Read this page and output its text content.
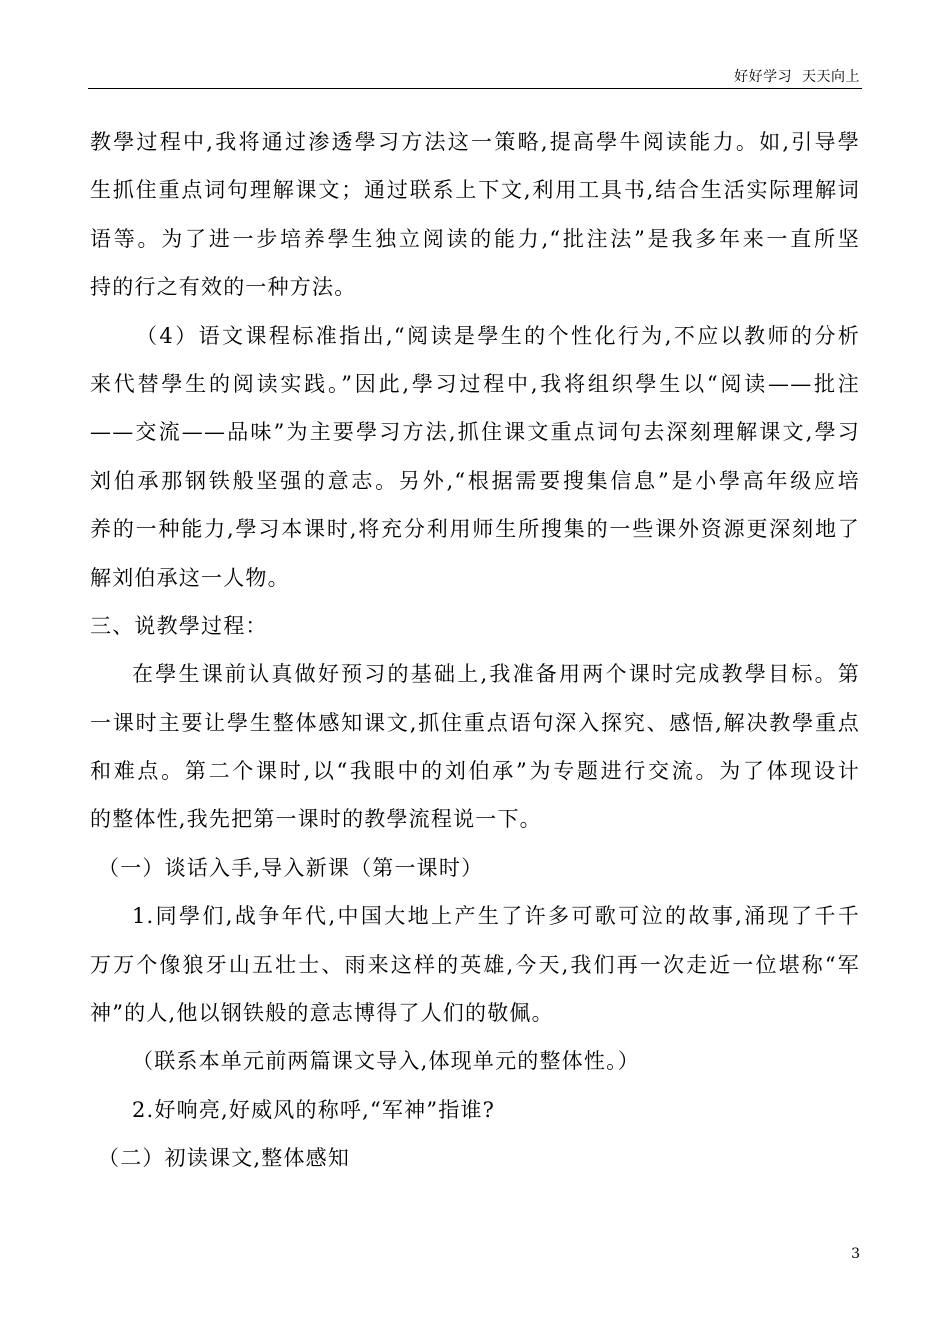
好好学习  天天向上
教學过程中,我将通过渗透學习方法这一策略,提高學牛阅读能力。如,引导學
生抓住重点词句理解课文；通过联系上下文,利用工具书,结合生活实际理解词
语等。为了进一步培养學生独立阅读的能力,“批注法”是我多年来一直所坚
持的行之有效的一种方法。
（4）语文课程标准指出,“阅读是學生的个性化行为,不应以教师的分析
来代替學生的阅读实践。”因此,學习过程中,我将组织學生以“阅读——批注
——交流——品味”为主要學习方法,抓住课文重点词句去深刻理解课文,學习
刘伯承那钢铁般坚强的意志。另外,“根据需要搜集信息”是小學高年级应培
养的一种能力,學习本课时,将充分利用师生所搜集的一些课外资源更深刻地了
解刘伯承这一人物。
三、说教學过程：
在學生课前认真做好预习的基础上,我准备用两个课时完成教學目标。第
一课时主要让學生整体感知课文,抓住重点语句深入探究、感悟,解决教學重点
和难点。第二个课时,以“我眼中的刘伯承”为专题进行交流。为了体现设计
的整体性,我先把第一课时的教學流程说一下。
（一）谈话入手,导入新课（第一课时）
1.同學们,战争年代,中国大地上产生了许多可歌可泣的故事,涌现了千千
万万个像狼牙山五壮士、雨来这样的英雄,今天,我们再一次走近一位堪称“军
神”的人,他以钢铁般的意志博得了人们的敬佩。
（联系本单元前两篇课文导入,体现单元的整体性。）
2.好响亮,好威风的称呼,“军神”指谁?
（二）初读课文,整体感知
3
